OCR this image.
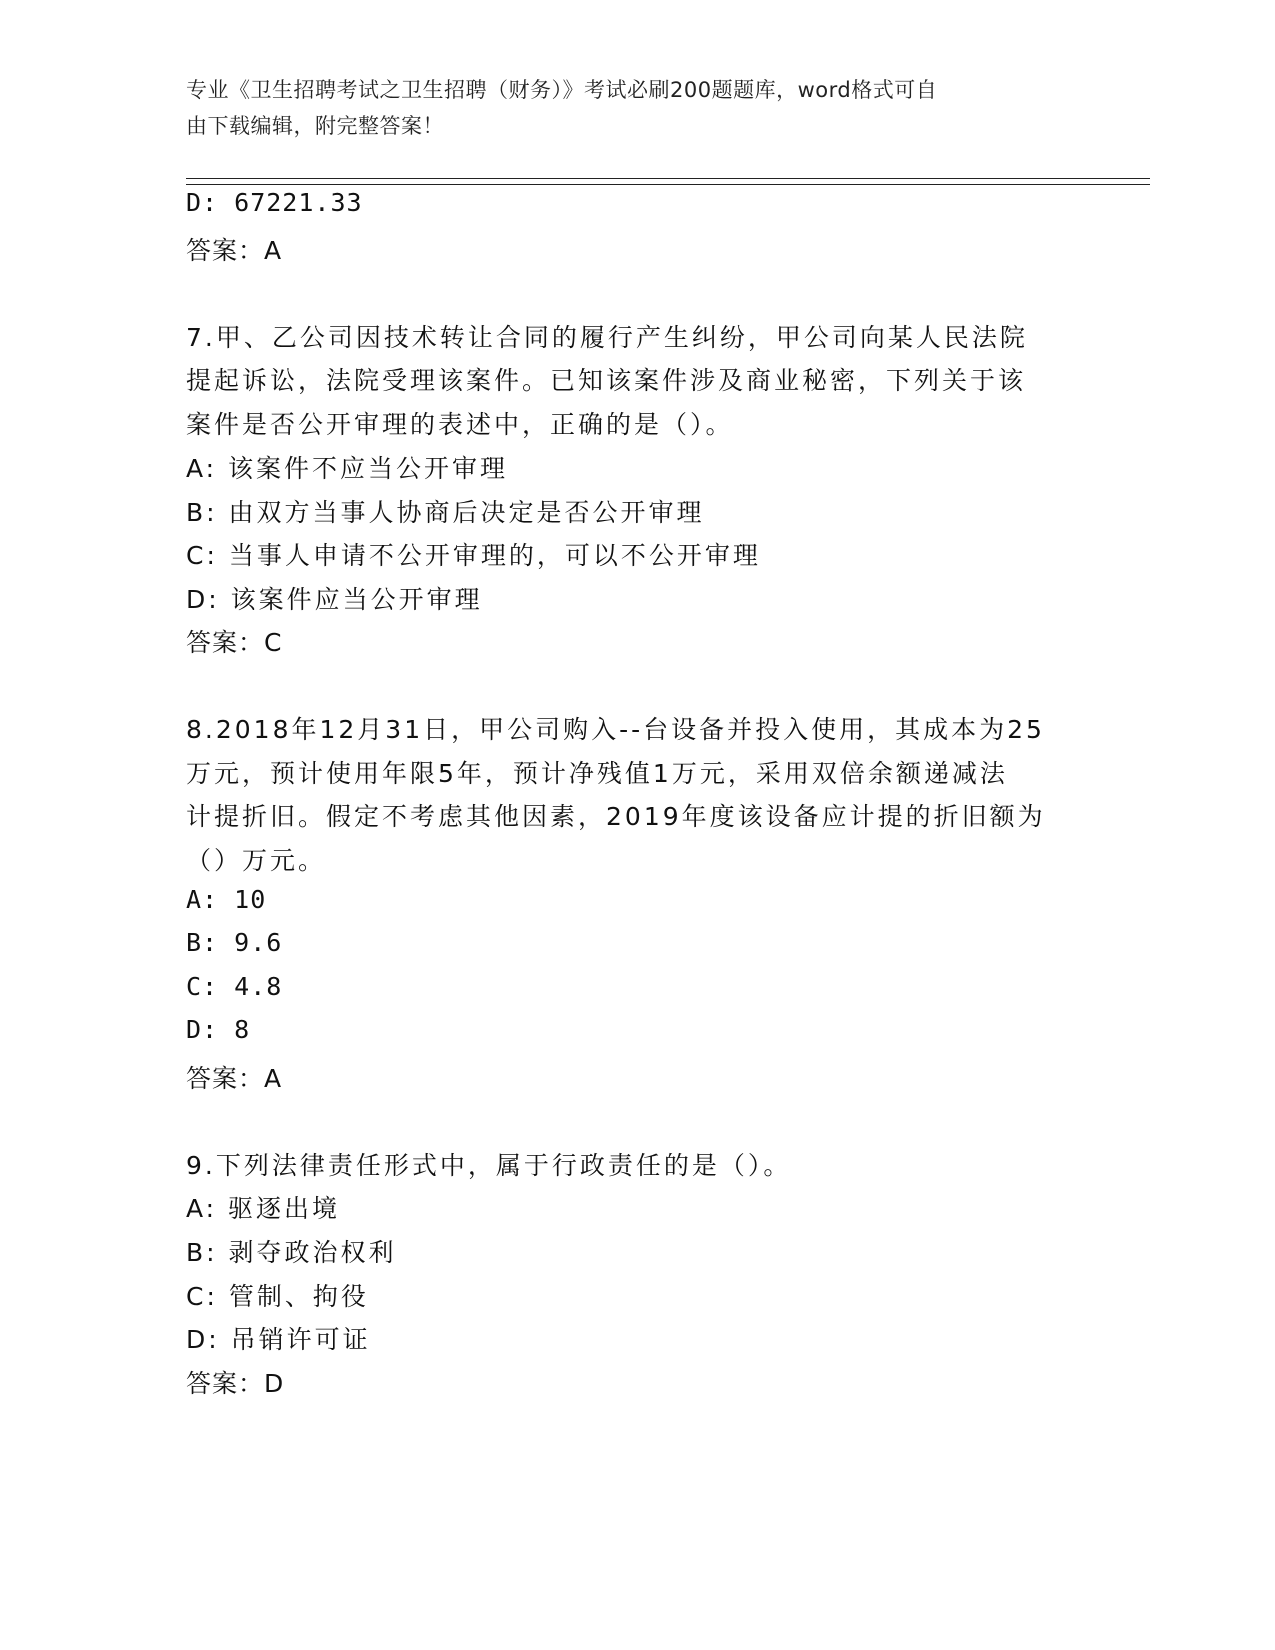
专业《卫生招聘考试之卫生招聘（财务）》考试必刷200题题库，word格式可自
由下载编辑，附完整答案！
D: 67221.33
答案：A
7.甲、乙公司因技术转让合同的履行产生纠纷，甲公司向某人民法院
提起诉讼，法院受理该案件。已知该案件涉及商业秘密，下列关于该
案件是否公开审理的表述中，正确的是（）。
A: 该案件不应当公开审理
B: 由双方当事人协商后决定是否公开审理
C: 当事人申请不公开审理的，可以不公开审理
D: 该案件应当公开审理
答案：C
8.2018年12月31日，甲公司购入--台设备并投入使用，其成本为25
万元，预计使用年限5年，预计净残值1万元，采用双倍余额递减法
计提折旧。假定不考虑其他因素，2019年度该设备应计提的折旧额为
（）万元。
A: 10
B: 9.6
C: 4.8
D: 8
答案：A
9.下列法律责任形式中，属于行政责任的是（）。
A: 驱逐出境
B: 剥夺政治权利
C: 管制、拘役
D: 吊销许可证
答案：D
